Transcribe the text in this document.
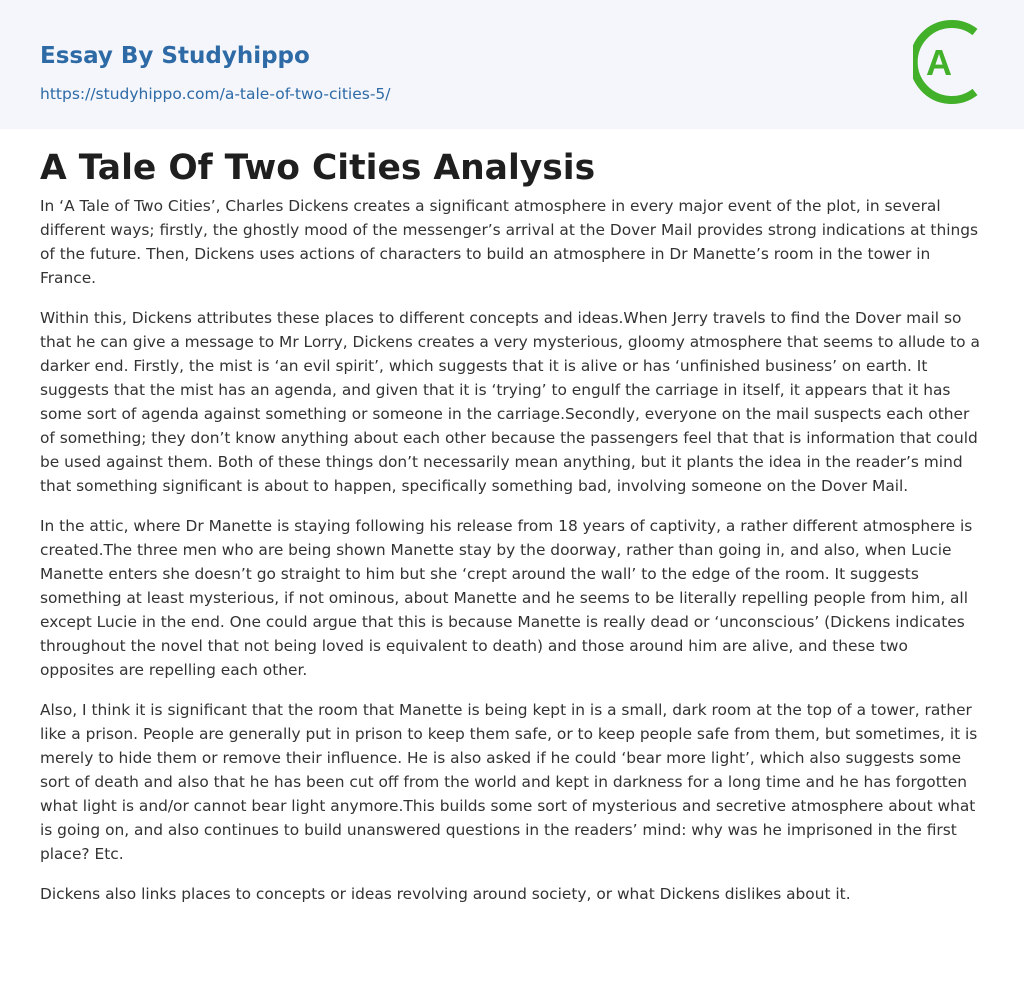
Essay By Studyhippo
https://studyhippo.com/a-tale-of-two-cities-5/
A
A Tale Of Two Cities Analysis

In ‘A Tale of Two Cities’, Charles Dickens creates a significant atmosphere in every major event of the plot, in several different ways; firstly, the ghostly mood of the messenger’s arrival at the Dover Mail provides strong indications at things of the future. Then, Dickens uses actions of characters to build an atmosphere in Dr Manette’s room in the tower in France.

Within this, Dickens attributes these places to different concepts and ideas.When Jerry travels to find the Dover mail so that he can give a message to Mr Lorry, Dickens creates a very mysterious, gloomy atmosphere that seems to allude to a darker end. Firstly, the mist is ‘an evil spirit’, which suggests that it is alive or has ‘unfinished business’ on earth. It suggests that the mist has an agenda, and given that it is ‘trying’ to engulf the carriage in itself, it appears that it has some sort of agenda against something or someone in the carriage.Secondly, everyone on the mail suspects each other of something; they don’t know anything about each other because the passengers feel that that is information that could be used against them. Both of these things don’t necessarily mean anything, but it plants the idea in the reader’s mind that something significant is about to happen, specifically something bad, involving someone on the Dover Mail.

In the attic, where Dr Manette is staying following his release from 18 years of captivity, a rather different atmosphere is created.The three men who are being shown Manette stay by the doorway, rather than going in, and also, when Lucie Manette enters she doesn’t go straight to him but she ‘crept around the wall’ to the edge of the room. It suggests something at least mysterious, if not ominous, about Manette and he seems to be literally repelling people from him, all except Lucie in the end. One could argue that this is because Manette is really dead or ‘unconscious’ (Dickens indicates throughout the novel that not being loved is equivalent to death) and those around him are alive, and these two opposites are repelling each other.

Also, I think it is significant that the room that Manette is being kept in is a small, dark room at the top of a tower, rather like a prison. People are generally put in prison to keep them safe, or to keep people safe from them, but sometimes, it is merely to hide them or remove their influence. He is also asked if he could ‘bear more light’, which also suggests some sort of death and also that he has been cut off from the world and kept in darkness for a long time and he has forgotten what light is and/or cannot bear light anymore.This builds some sort of mysterious and secretive atmosphere about what is going on, and also continues to build unanswered questions in the readers’ mind: why was he imprisoned in the first place? Etc.

Dickens also links places to concepts or ideas revolving around society, or what Dickens dislikes about it.
